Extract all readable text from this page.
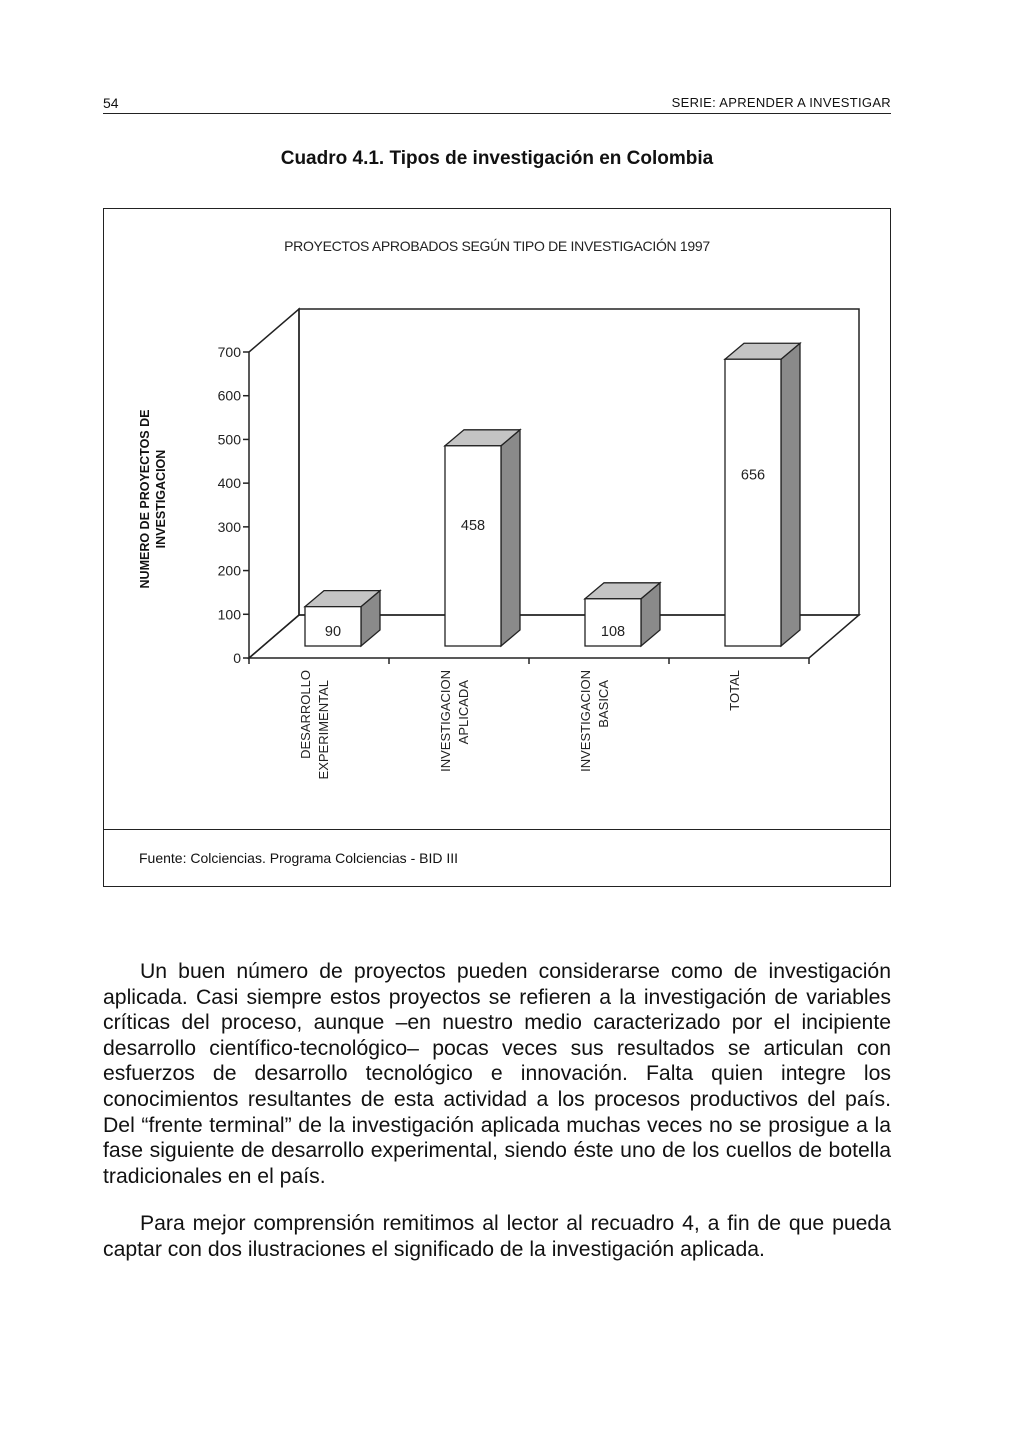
54	SERIE: APRENDER A INVESTIGAR
Cuadro 4.1. Tipos de investigación en Colombia
PROYECTOS APROBADOS SEGÚN TIPO DE INVESTIGACIÓN 1997
NUMERO DE PROYECTOS DE INVESTIGACION
0
100
200
300
400
500
600
700
90
DESARROLLO EXPERIMENTAL
458
INVESTIGACION APLICADA
108
INVESTIGACION BASICA
656
TOTAL
Fuente: Colciencias. Programa Colciencias - BID III

Un buen número de proyectos pueden considerarse como de investigación aplicada. Casi siempre estos proyectos se refieren a la investigación de variables críticas del proceso, aunque –en nuestro medio caracterizado por el incipiente desarrollo científico-tecnológico– pocas veces sus resultados se articulan con esfuerzos de desarrollo tecnológico e innovación. Falta quien integre los conocimientos resultantes de esta actividad a los procesos productivos del país. Del “frente terminal” de la investigación aplicada muchas veces no se prosigue a la fase siguiente de desarrollo experimental, siendo éste uno de los cuellos de botella tradicionales en el país.

Para mejor comprensión remitimos al lector al recuadro 4, a fin de que pueda captar con dos ilustraciones el significado de la investigación aplicada.
